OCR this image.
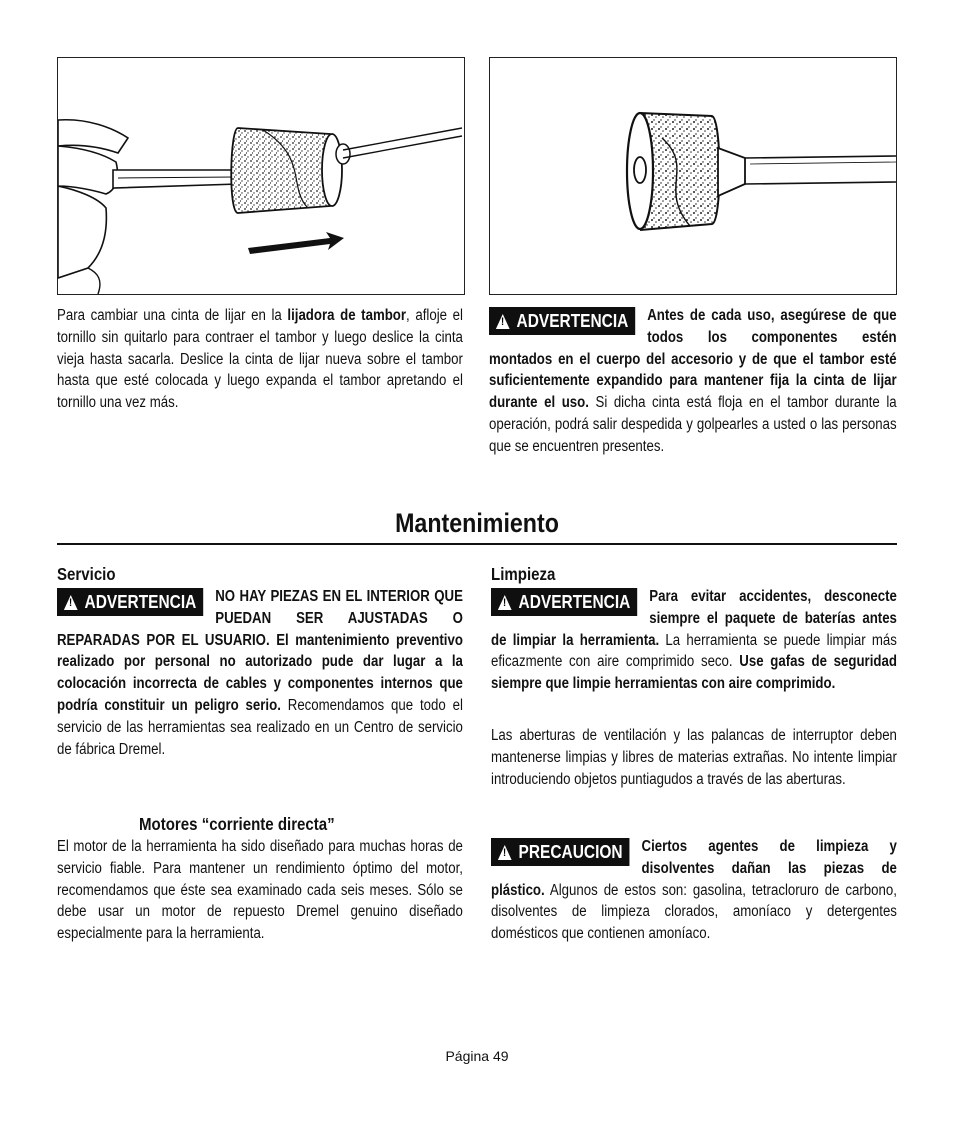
Para cambiar una cinta de lijar en la lijadora de tambor, afloje el tornillo sin quitarlo para contraer el tambor y luego deslice la cinta vieja hasta sacarla. Deslice la cinta de lijar nueva sobre el tambor hasta que esté colocada y luego expanda el tambor apretando el tornillo una vez más.
! ADVERTENCIA Antes de cada uso, asegúrese de que todos los componentes estén montados en el cuerpo del accesorio y de que el tambor esté suficientemente expandido para mantener fija la cinta de lijar durante el uso. Si dicha cinta está floja en el tambor durante la operación, podrá salir despedida y golpearles a usted o las personas que se encuentren presentes.
Mantenimiento
Servicio
! ADVERTENCIA NO HAY PIEZAS EN EL INTERIOR QUE PUEDAN SER AJUSTADAS O REPARADAS POR EL USUARIO. El mantenimiento preventivo realizado por personal no autorizado pude dar lugar a la colocación incorrecta de cables y componentes internos que podría constituir un peligro serio. Recomendamos que todo el servicio de las herramientas sea realizado en un Centro de servicio de fábrica Dremel.
Motores “corriente directa”
El motor de la herramienta ha sido diseñado para muchas horas de servicio fiable. Para mantener un rendimiento óptimo del motor, recomendamos que éste sea examinado cada seis meses. Sólo se debe usar un motor de repuesto Dremel genuino diseñado especialmente para la herramienta.
Limpieza
! ADVERTENCIA Para evitar accidentes, desconecte siempre el paquete de baterías antes de limpiar la herramienta. La herramienta se puede limpiar más eficazmente con aire comprimido seco. Use gafas de seguridad siempre que limpie herramientas con aire comprimido.
Las aberturas de ventilación y las palancas de interruptor deben mantenerse limpias y libres de materias extrañas. No intente limpiar introduciendo objetos puntiagudos a través de las aberturas.
! PRECAUCION Ciertos agentes de limpieza y disolventes dañan las piezas de plástico. Algunos de estos son: gasolina, tetracloruro de carbono, disolventes de limpieza clorados, amoníaco y detergentes domésticos que contienen amoníaco.
Página 49
